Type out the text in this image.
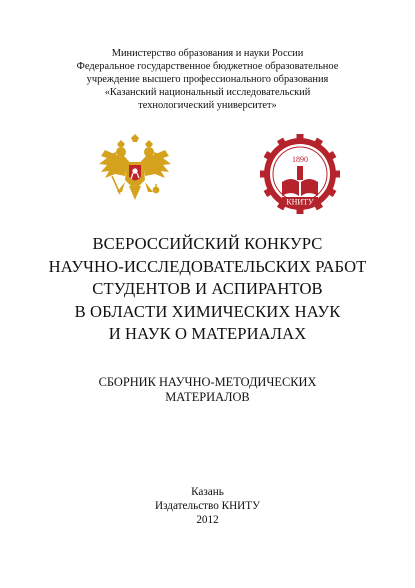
Министерство образования и науки России
Федеральное государственное бюджетное образовательное
учреждение высшего профессионального образования
«Казанский национальный исследовательский
технологический университет»
1890
КНИТУ
ВСЕРОССИЙСКИЙ КОНКУРС
НАУЧНО-ИССЛЕДОВАТЕЛЬСКИХ РАБОТ
СТУДЕНТОВ И АСПИРАНТОВ
В ОБЛАСТИ ХИМИЧЕСКИХ НАУК
И НАУК О МАТЕРИАЛАХ
СБОРНИК НАУЧНО-МЕТОДИЧЕСКИХ
МАТЕРИАЛОВ
Казань
Издательство КНИТУ
2012
